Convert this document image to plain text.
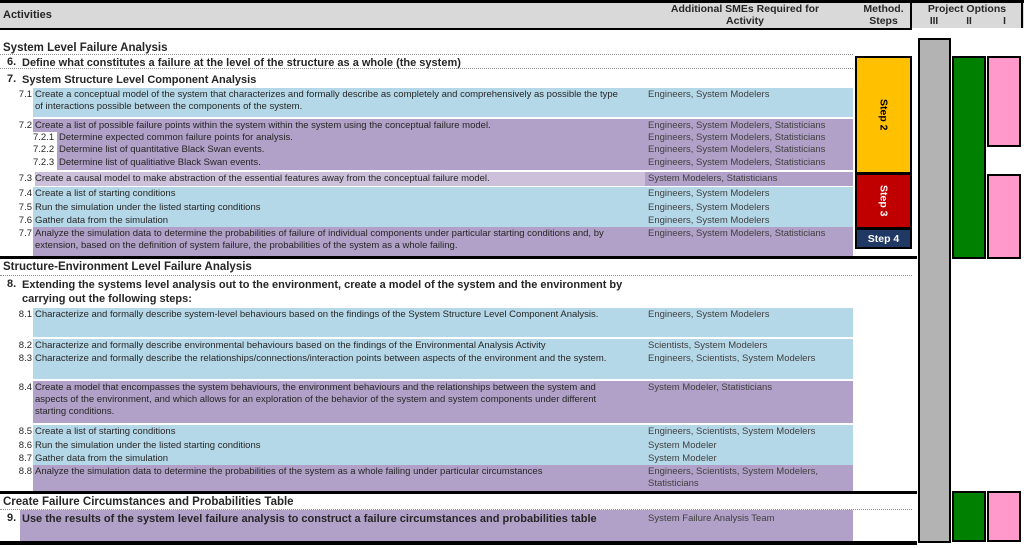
Activities	Additional SMEs Required for Activity
Method. Steps
Project Options
III	II	I
System Level Failure Analysis
6. Define what constitutes a failure at the level of the structure as a whole (the system)
7. System Structure Level Component Analysis
7.1 Create a conceptual model of the system that characterizes and formally describe as completely and comprehensively as possible the type of interactions possible between the components of the system.
Engineers, System Modelers
7.2 Create a list of possible failure points within the system within the system using the conceptual failure model.	Engineers, System Modelers, Statisticians
7.2.1 Determine expected common failure points for analysis.	Engineers, System Modelers, Statisticians
7.2.2 Determine list of quantitative Black Swan events.	Engineers, System Modelers, Statisticians
7.2.3 Determine list of qualitiative Black Swan events.	Engineers, System Modelers, Statisticians
7.3 Create a causal model to make abstraction of the essential features away from the conceptual failure model.	System Modelers, Statisticians
7.4 Create a list of starting conditions	Engineers, System Modelers
7.5 Run the simulation under the listed starting conditions	Engineers, System Modelers
7.6 Gather data from the simulation	Engineers, System Modelers
7.7 Analyze the simulation data to determine the probabilities of failure of individual components under particular starting conditions and, by extension, based on the definition of system failure, the probabilities of the system as a whole failing.
Engineers, System Modelers, Statisticians
Structure-Environment Level Failure Analysis
8. Extending the systems level analysis out to the environment, create a model of the system and the environment by carrying out the following steps:
8.1 Characterize and formally describe system-level behaviours based on the findings of the System Structure Level Component Analysis.	Engineers, System Modelers
8.2 Characterize and formally describe environmental behaviours based on the findings of the Environmental Analysis Activity	Scientists, System Modelers
8.3 Characterize and formally describe the relationships/connections/interaction points between aspects of the environment and the system.	Engineers, Scientists, System Modelers
8.4 Create a model that encompasses the system behaviours, the environment behaviours and the relationships between the system and aspects of the environment, and which allows for an exploration of the behavior of the system and system components under different starting conditions.
System Modeler, Statisticians
8.5 Create a list of starting conditions	Engineers, Scientists, System Modelers
8.6 Run the simulation under the listed starting conditions	System Modeler
8.7 Gather data from the simulation	System Modeler
8.8 Analyze the simulation data to determine the probabilities of the system as a whole failing under particular circumstances	Engineers, Scientists, System Modelers, Statisticians
Create Failure Circumstances and Probabilities Table
9. Use the results of the system level failure analysis to construct a failure circumstances and probabilities table	System Failure Analysis Team
Step 2
Step 3
Step 4
